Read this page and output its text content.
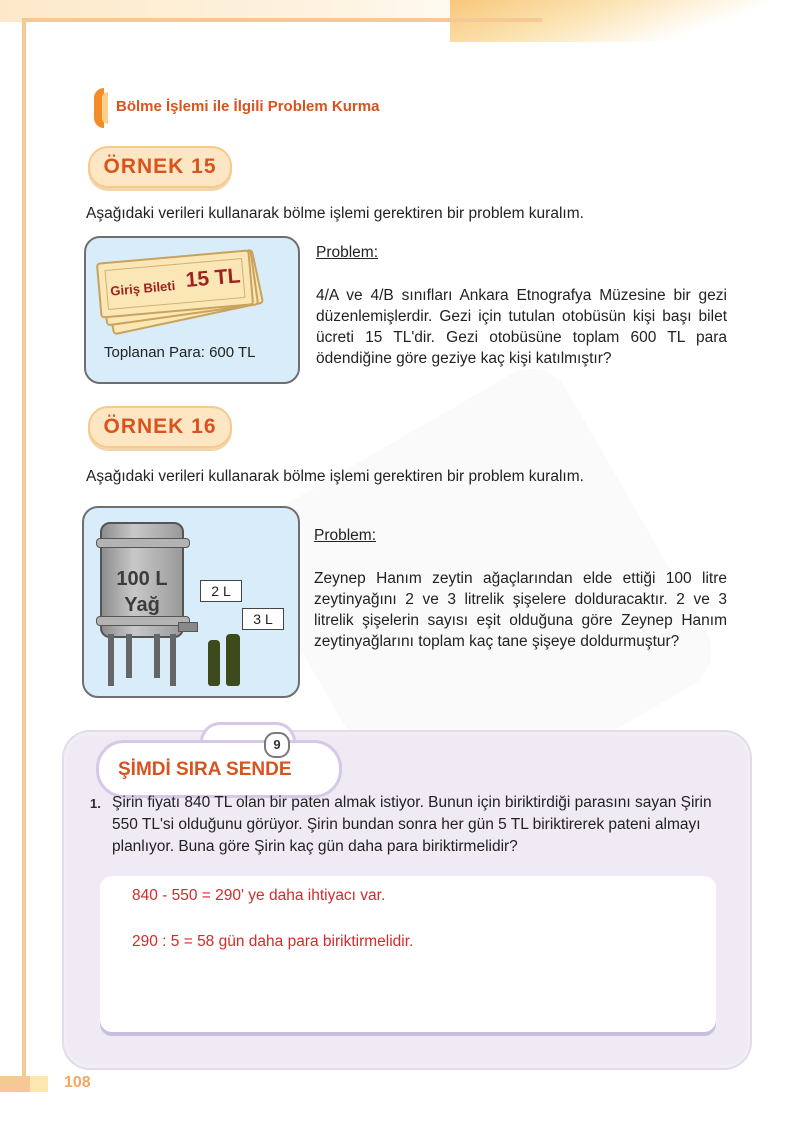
Bölme İşlemi ile İlgili Problem Kurma
ÖRNEK 15
Aşağıdaki verileri kullanarak bölme işlemi gerektiren bir problem kuralım.
Giriş Bileti 15 TL
Toplanan Para: 600 TL
Problem:
4/A ve 4/B sınıfları Ankara Etnografya Müzesine bir gezi düzenlemişlerdir. Gezi için tutulan otobüsün kişi başı bilet ücreti 15 TL'dir. Gezi otobüsüne toplam 600 TL para ödendiğine göre geziye kaç kişi katılmıştır?
ÖRNEK 16
Aşağıdaki verileri kullanarak bölme işlemi gerektiren bir problem kuralım.
100 L
Yağ
2 L
3 L
Problem:
Zeynep Hanım zeytin ağaçlarından elde ettiği 100 litre zeytinyağını 2 ve 3 litrelik şişelere dolduracaktır. 2 ve 3 litrelik şişelerin sayısı eşit olduğuna göre Zeynep Hanım zeytinyağlarını toplam kaç tane şişeye doldurmuştur?
9
ŞİMDİ SIRA SENDE
1. Şirin fiyatı 840 TL olan bir paten almak istiyor. Bunun için biriktirdiği parasını sayan Şirin 550 TL'si olduğunu görüyor. Şirin bundan sonra her gün 5 TL biriktirerek pateni almayı planlıyor. Buna göre Şirin kaç gün daha para biriktirmelidir?
840 - 550 = 290' ye daha ihtiyacı var.
290 : 5 = 58 gün daha para biriktirmelidir.
108
